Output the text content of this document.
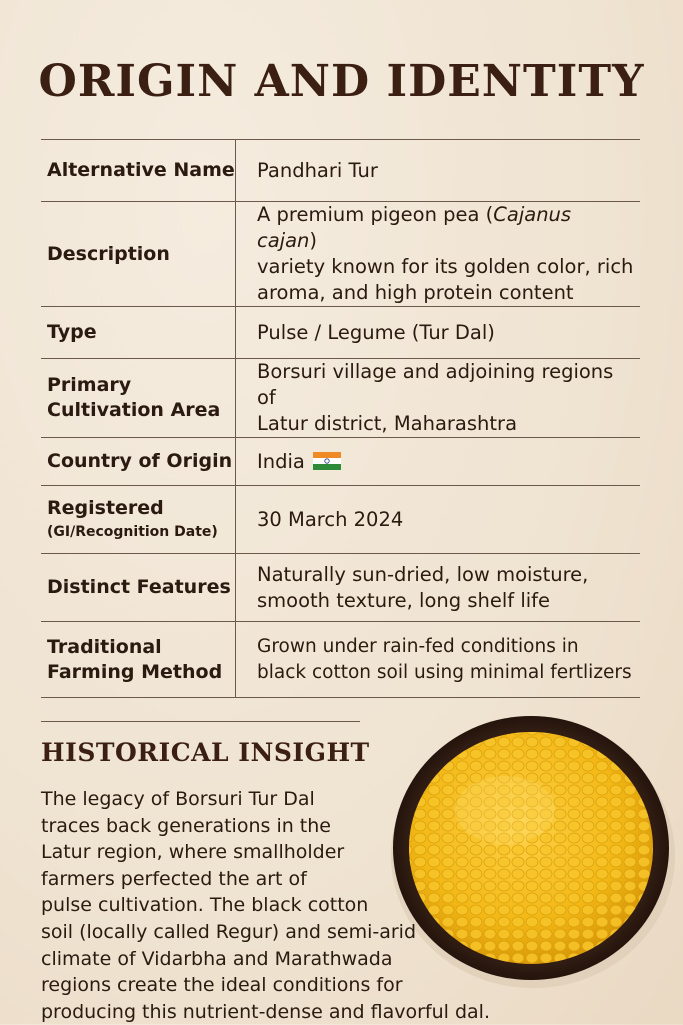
ORIGIN AND IDENTITY
Alternative Name	Pandhari Tur
Description	A premium pigeon pea (Cajanus cajan)
variety known for its golden color, rich
aroma, and high protein content
Type	Pulse / Legume (Tur Dal)
Primary
Cultivation Area	Borsuri village and adjoining regions of
Latur district, Maharashtra
Country of Origin	India
Registered
(GI/Recognition Date)	30 March 2024
Distinct Features	Naturally sun-dried, low moisture,
smooth texture, long shelf life
Traditional
Farming Method	Grown under rain-fed conditions in
black cotton soil using minimal fertlizers
HISTORICAL INSIGHT

The legacy of Borsuri Tur Dal
traces back generations in the
Latur region, where smallholder
farmers perfected the art of
pulse cultivation. The black cotton
soil (locally called Regur) and semi-arid
climate of Vidarbha and Marathwada
regions create the ideal conditions for
producing this nutrient-dense and flavorful dal.
